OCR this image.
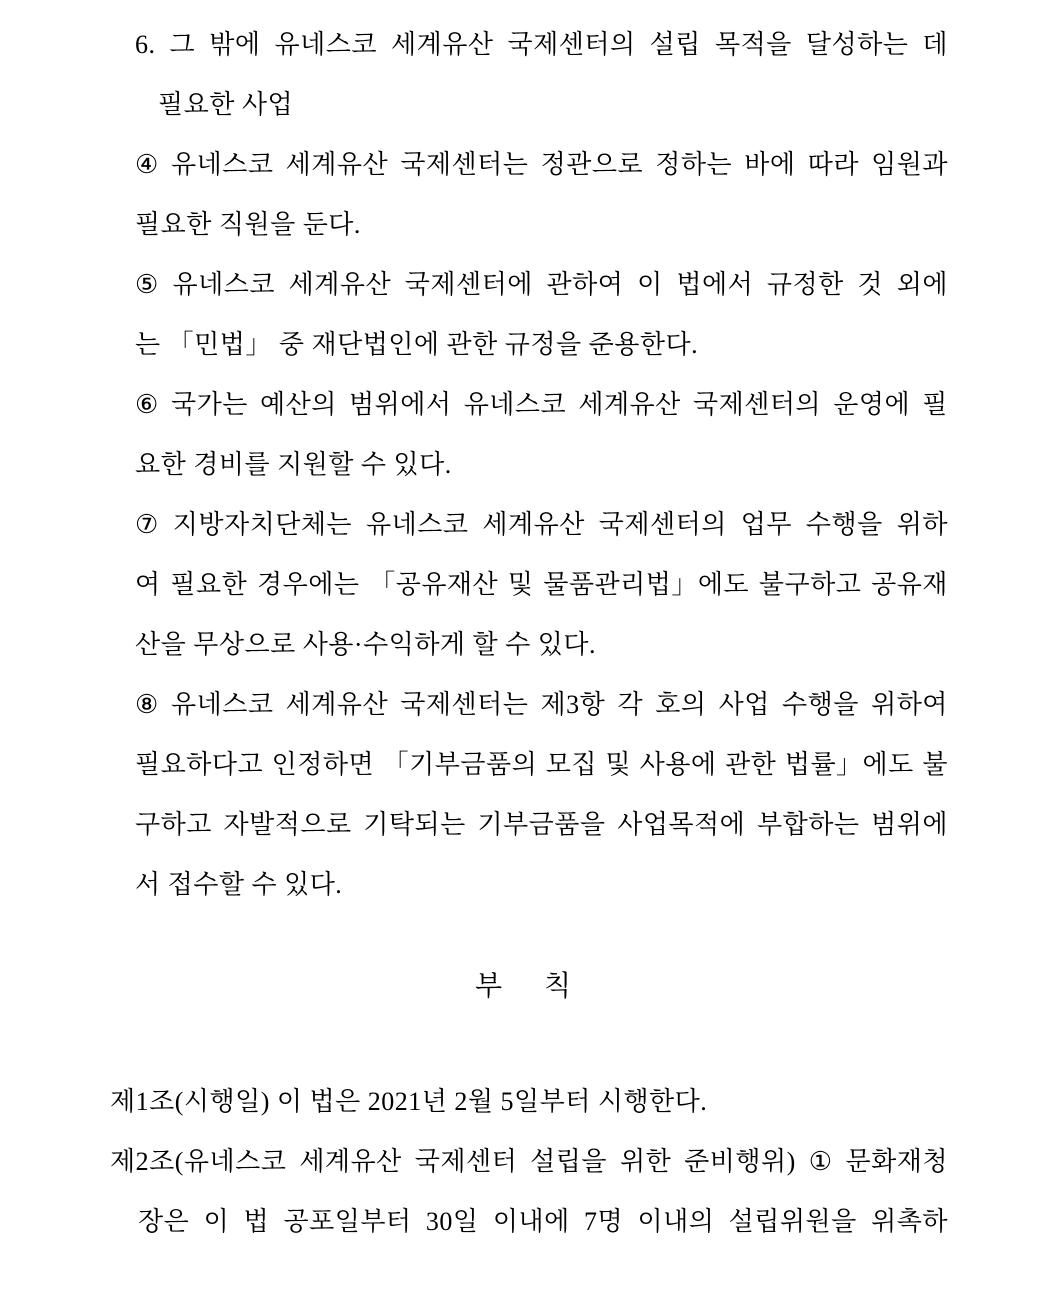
6. 그 밖에 유네스코 세계유산 국제센터의 설립 목적을 달성하는 데
필요한 사업
④ 유네스코 세계유산 국제센터는 정관으로 정하는 바에 따라 임원과
필요한 직원을 둔다.
⑤ 유네스코 세계유산 국제센터에 관하여 이 법에서 규정한 것 외에
는 「민법」 중 재단법인에 관한 규정을 준용한다.
⑥ 국가는 예산의 범위에서 유네스코 세계유산 국제센터의 운영에 필
요한 경비를 지원할 수 있다.
⑦ 지방자치단체는 유네스코 세계유산 국제센터의 업무 수행을 위하
여 필요한 경우에는 「공유재산 및 물품관리법」에도 불구하고 공유재
산을 무상으로 사용·수익하게 할 수 있다.
⑧ 유네스코 세계유산 국제센터는 제3항 각 호의 사업 수행을 위하여
필요하다고 인정하면 「기부금품의 모집 및 사용에 관한 법률」에도 불
구하고 자발적으로 기탁되는 기부금품을 사업목적에 부합하는 범위에
서 접수할 수 있다.
부      칙
제1조(시행일) 이 법은 2021년 2월 5일부터 시행한다.
제2조(유네스코 세계유산 국제센터 설립을 위한 준비행위) ① 문화재청
장은 이 법 공포일부터 30일 이내에 7명 이내의 설립위원을 위촉하
